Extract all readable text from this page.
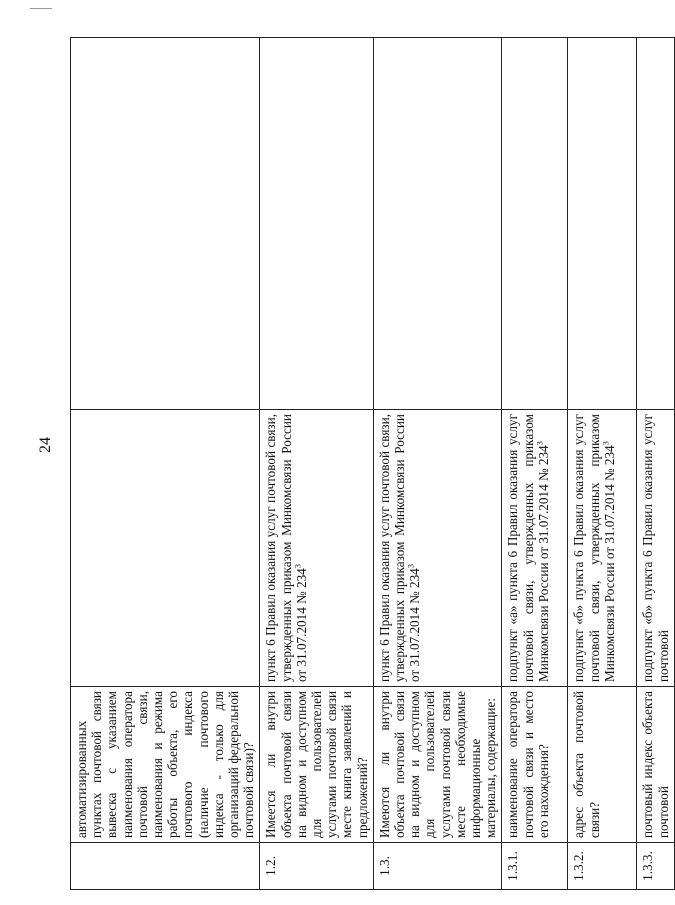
24
	автоматизированных пунктах почтовой связи вывеска с указанием наименования оператора почтовой связи, наименования и режима работы объекта, его почтового индекса (наличие почтового индекса - только для организаций федеральной почтовой связи)?		
1.2.	Имеется ли внутри объекта почтовой связи на видном и доступном для пользователей услугами почтовой связи месте книга заявлений и предложений?	пункт 6 Правил оказания услуг почтовой связи, утвержденных приказом Минкомсвязи России от 31.07.2014 № $234^3$	
1.3.	Имеются ли внутри объекта почтовой связи на видном и доступном для пользователей услугами почтовой связи месте необходимые информационные материалы, содержащие:	пункт 6 Правил оказания услуг почтовой связи, утвержденных приказом Минкомсвязи России от 31.07.2014 № $234^3$	
1.3.1.	наименование оператора почтовой связи и место его нахождения?	подпункт «а» пункта 6 Правил оказания услуг почтовой связи, утвержденных приказом Минкомсвязи России от 31.07.2014 № $234^3$	
1.3.2.	адрес объекта почтовой связи?	подпункт «б» пункта 6 Правил оказания услуг почтовой связи, утвержденных приказом Минкомсвязи России от 31.07.2014 № $234^3$	
1.3.3.	почтовый индекс объекта почтовой	подпункт «б» пункта 6 Правил оказания услуг почтовой	
